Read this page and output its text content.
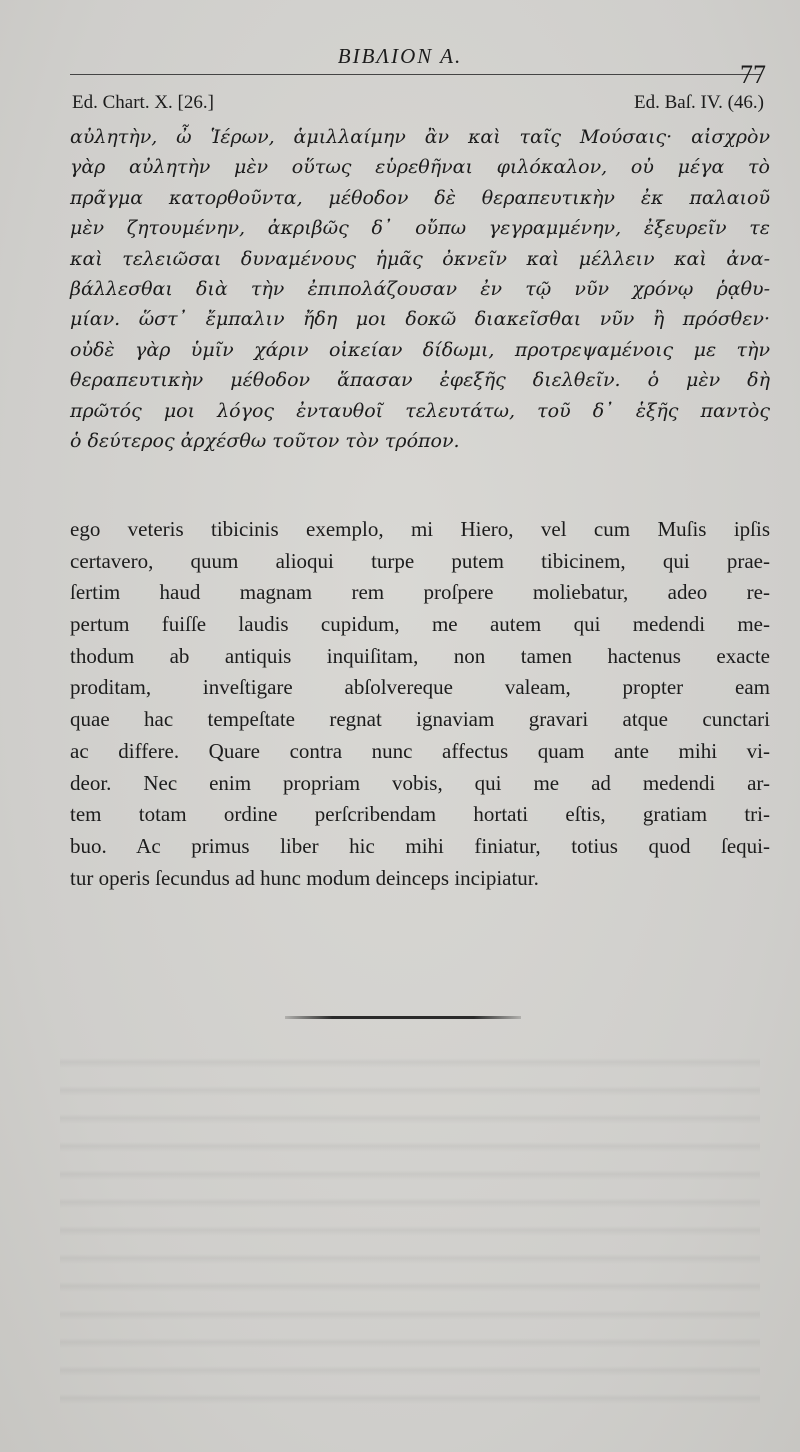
ΒΙΒΛΙΟΝ Α.
77
Ed. Chart. X. [26.]	Ed. Baſ. IV. (46.)
αὐλητὴν, ὦ Ἱέρων, ἁμιλλαίμην ἂν καὶ ταῖς Μούσαις· αἰσχρὸν
γὰρ αὐλητὴν μὲν οὕτως εὑρεθῆναι φιλόκαλον, οὐ μέγα τὸ
πρᾶγμα κατορθοῦντα, μέθοδον δὲ θεραπευτικὴν ἐκ παλαιοῦ
μὲν ζητουμένην, ἀκριβῶς δ᾽ οὔπω γεγραμμένην, ἐξευρεῖν τε
καὶ τελειῶσαι δυναμένους ἡμᾶς ὀκνεῖν καὶ μέλλειν καὶ ἀνα-
βάλλεσθαι διὰ τὴν ἐπιπολάζουσαν ἐν τῷ νῦν χρόνῳ ῥᾳθυ-
μίαν. ὥστ᾽ ἔμπαλιν ἤδη μοι δοκῶ διακεῖσθαι νῦν ἢ πρόσθεν·
οὐδὲ γὰρ ὑμῖν χάριν οἰκείαν δίδωμι, προτρεψαμένοις με τὴν
θεραπευτικὴν μέθοδον ἅπασαν ἐφεξῆς διελθεῖν. ὁ μὲν δὴ
πρῶτός μοι λόγος ἐνταυθοῖ τελευτάτω, τοῦ δ᾽ ἑξῆς παντὸς
ὁ δεύτερος ἀρχέσθω τοῦτον τὸν τρόπον.
ego veteris tibicinis exemplo, mi Hiero, vel cum Muſis ipſis
certavero, quum alioqui turpe putem tibicinem, qui prae-
ſertim haud magnam rem proſpere moliebatur, adeo re-
pertum fuiſſe laudis cupidum, me autem qui medendi me-
thodum ab antiquis inquiſitam, non tamen hactenus exacte
proditam, inveſtigare abſolvereque valeam, propter eam
quae hac tempeſtate regnat ignaviam gravari atque cunctari
ac differe. Quare contra nunc affectus quam ante mihi vi-
deor. Nec enim propriam vobis, qui me ad medendi ar-
tem totam ordine perſcribendam hortati eſtis, gratiam tri-
buo. Ac primus liber hic mihi finiatur, totius quod ſequi-
tur operis ſecundus ad hunc modum deinceps incipiatur.
